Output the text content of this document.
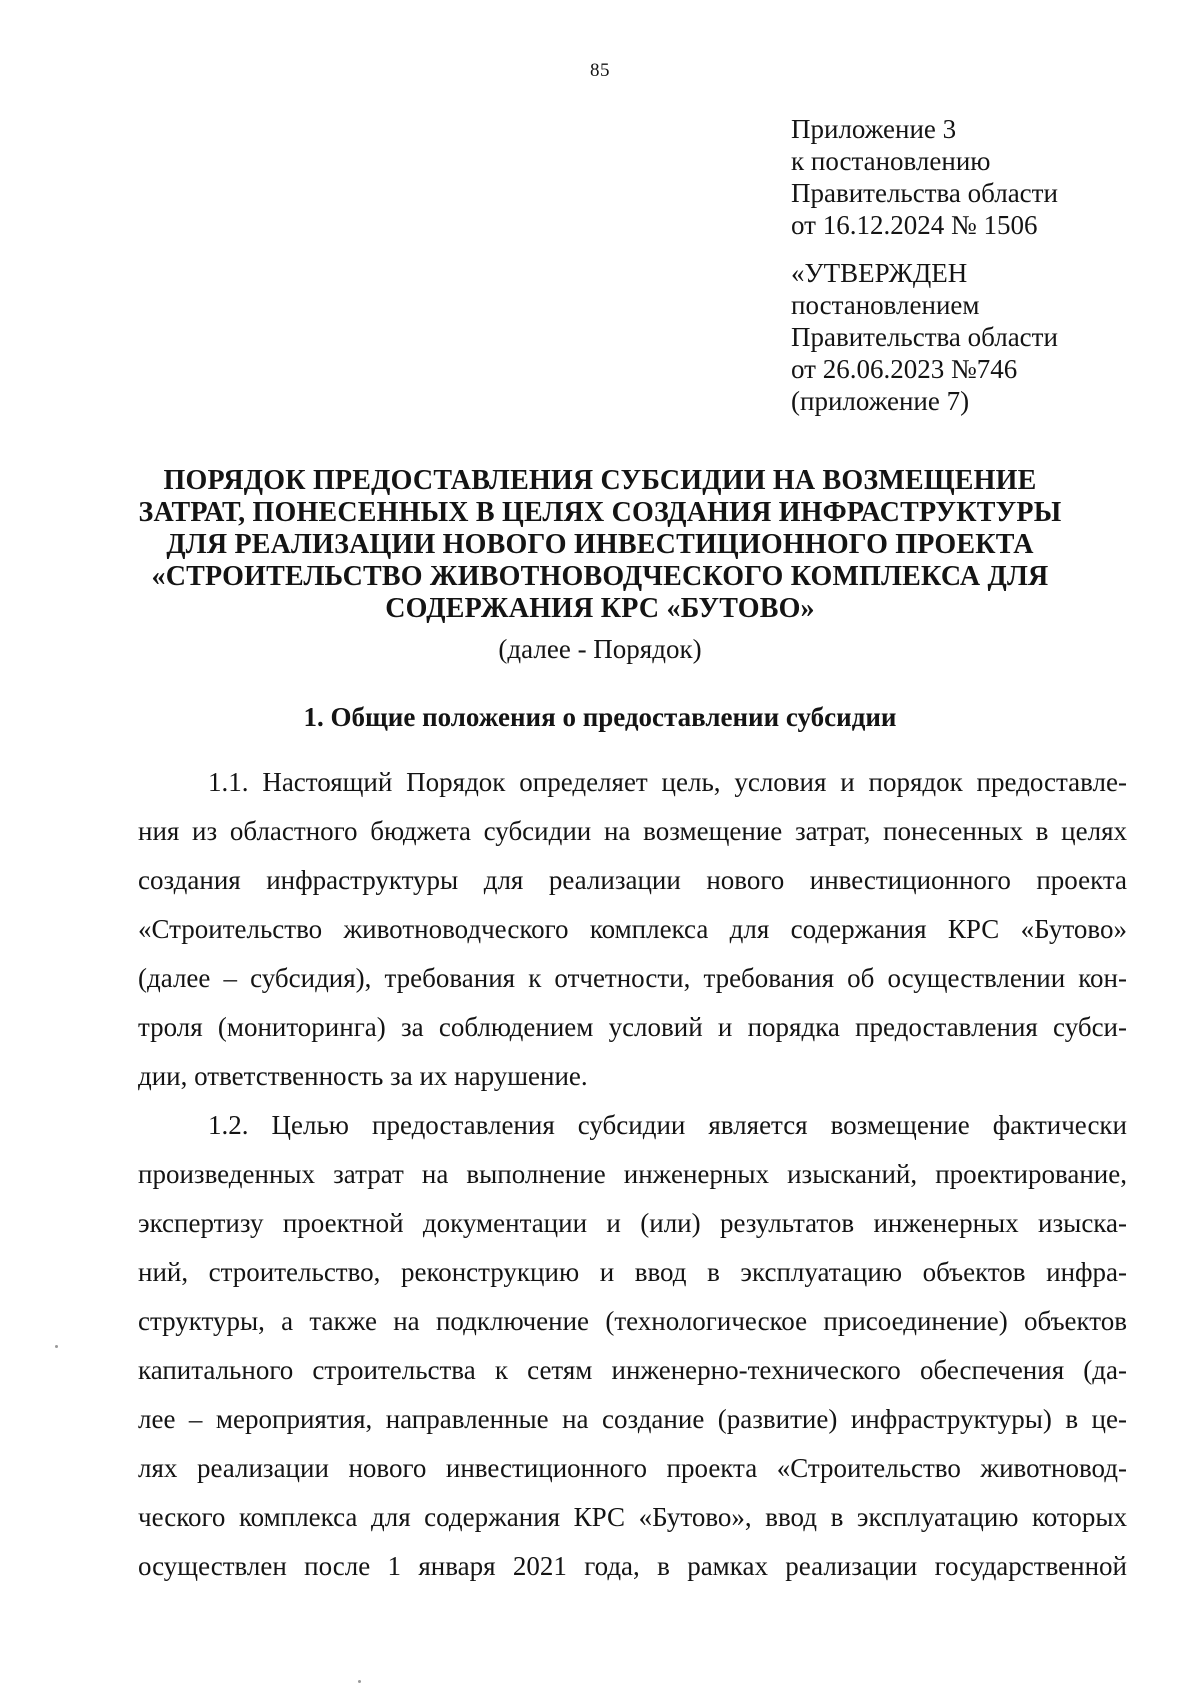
85
Приложение 3
к постановлению
Правительства области
от 16.12.2024 № 1506
«УТВЕРЖДЕН
постановлением
Правительства области
от 26.06.2023 №746
(приложение 7)
ПОРЯДОК ПРЕДОСТАВЛЕНИЯ СУБСИДИИ НА ВОЗМЕЩЕНИЕ
ЗАТРАТ, ПОНЕСЕННЫХ В ЦЕЛЯХ СОЗДАНИЯ ИНФРАСТРУКТУРЫ
ДЛЯ РЕАЛИЗАЦИИ НОВОГО ИНВЕСТИЦИОННОГО ПРОЕКТА
«СТРОИТЕЛЬСТВО ЖИВОТНОВОДЧЕСКОГО КОМПЛЕКСА ДЛЯ
СОДЕРЖАНИЯ КРС «БУТОВО»
(далее - Порядок)
1. Общие положения о предоставлении субсидии
1.1. Настоящий Порядок определяет цель, условия и порядок предоставле-
ния из областного бюджета субсидии на возмещение затрат, понесенных в целях
создания инфраструктуры для реализации нового инвестиционного проекта
«Строительство животноводческого комплекса для содержания КРС «Бутово»
(далее – субсидия), требования к отчетности, требования об осуществлении кон-
троля (мониторинга) за соблюдением условий и порядка предоставления субси-
дии, ответственность за их нарушение.
1.2. Целью предоставления субсидии является возмещение фактически
произведенных затрат на выполнение инженерных изысканий, проектирование,
экспертизу проектной документации и (или) результатов инженерных изыска-
ний, строительство, реконструкцию и ввод в эксплуатацию объектов инфра-
структуры, а также на подключение (технологическое присоединение) объектов
капитального строительства к сетям инженерно-технического обеспечения (да-
лее – мероприятия, направленные на создание (развитие) инфраструктуры) в це-
лях реализации нового инвестиционного проекта «Строительство животновод-
ческого комплекса для содержания КРС «Бутово», ввод в эксплуатацию которых
осуществлен после 1 января 2021 года, в рамках реализации государственной
